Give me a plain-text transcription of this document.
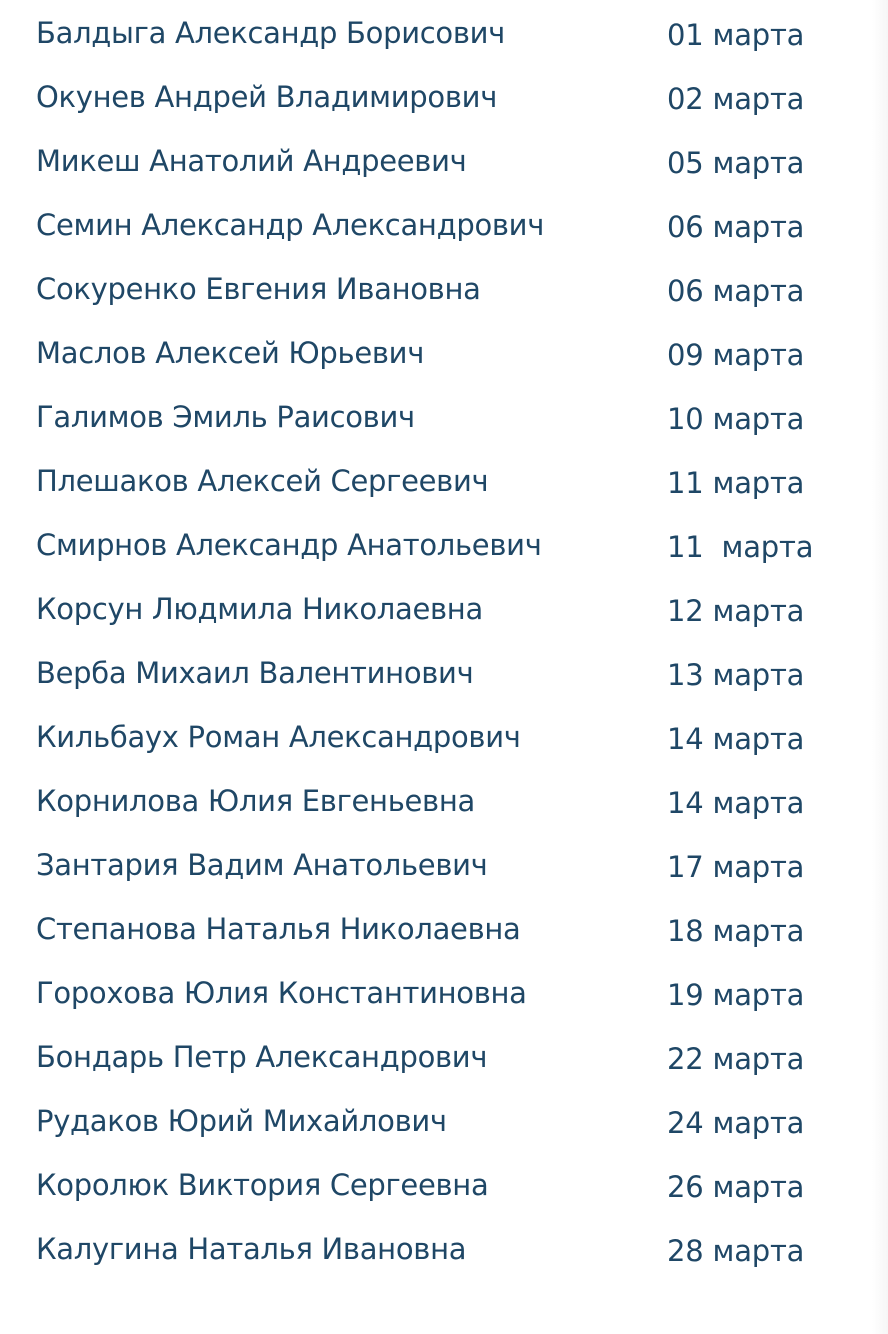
Балдыга Александр Борисович	01 марта
Окунев Андрей Владимирович	02 марта
Микеш Анатолий Андреевич	05 марта
Семин Александр Александрович	06 марта
Сокуренко Евгения Ивановна	06 марта
Маслов Алексей Юрьевич	09 марта
Галимов Эмиль Раисович	10 марта
Плешаков Алексей Сергеевич	11 марта
Смирнов Александр Анатольевич	11  марта
Корсун Людмила Николаевна	12 марта
Верба Михаил Валентинович	13 марта
Кильбаух Роман Александрович	14 марта
Корнилова Юлия Евгеньевна	14 марта
Зантария Вадим Анатольевич	17 марта
Степанова Наталья Николаевна	18 марта
Горохова Юлия Константиновна	19 марта
Бондарь Петр Александрович	22 марта
Рудаков Юрий Михайлович	24 марта
Королюк Виктория Сергеевна	26 марта
Калугина Наталья Ивановна	28 марта
